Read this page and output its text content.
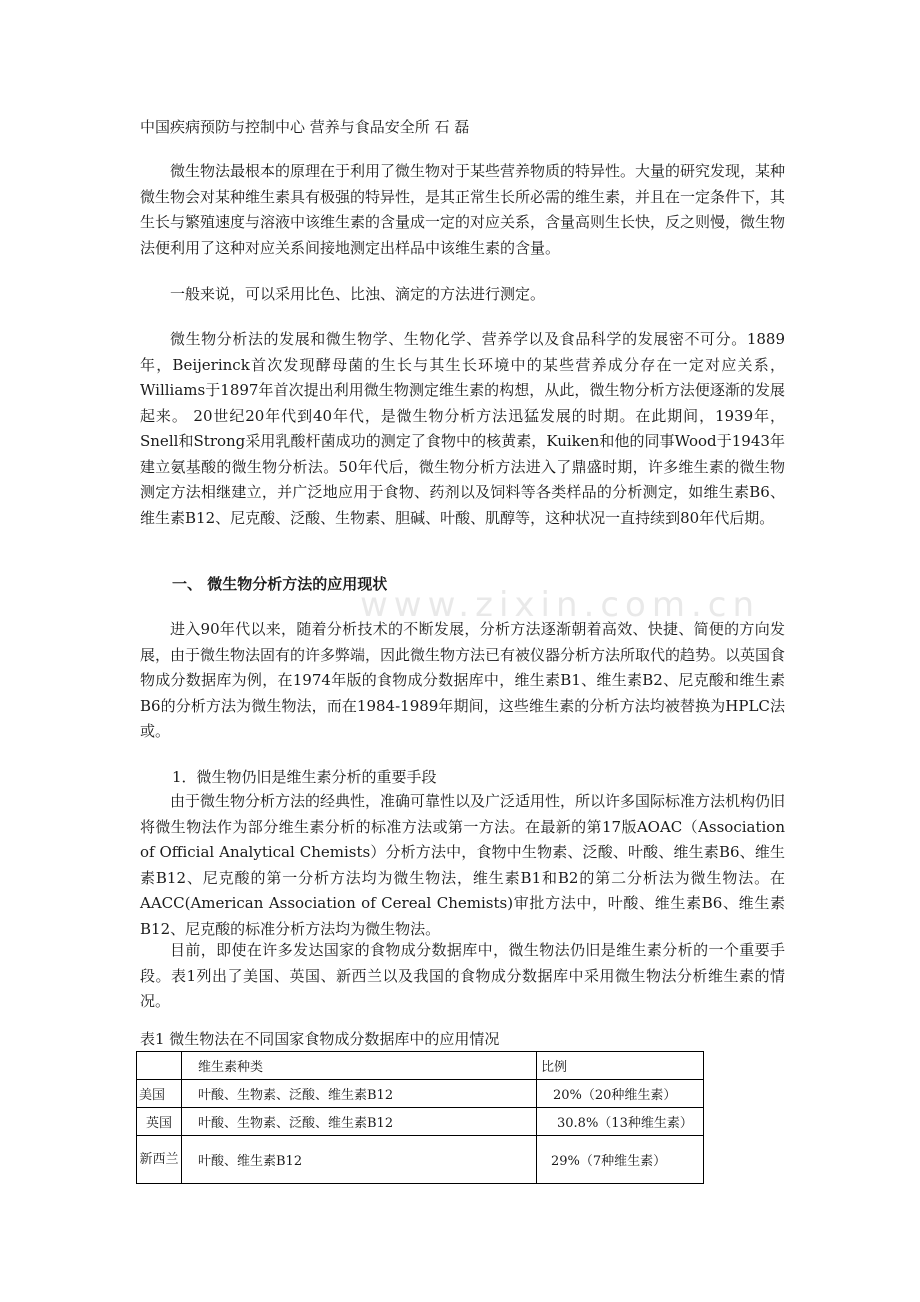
中国疾病预防与控制中心 营养与食品安全所 石 磊

微生物法最根本的原理在于利用了微生物对于某些营养物质的特异性。大量的研究发现，某种微生物会对某种维生素具有极强的特异性，是其正常生长所必需的维生素，并且在一定条件下，其生长与繁殖速度与溶液中该维生素的含量成一定的对应关系，含量高则生长快，反之则慢，微生物法便利用了这种对应关系间接地测定出样品中该维生素的含量。

一般来说，可以采用比色、比浊、滴定的方法进行测定。

微生物分析法的发展和微生物学、生物化学、营养学以及食品科学的发展密不可分。1889年，Beijerinck首次发现酵母菌的生长与其生长环境中的某些营养成分存在一定对应关系，Williams于1897年首次提出利用微生物测定维生素的构想，从此，微生物分析方法便逐渐的发展起来。 20世纪20年代到40年代，是微生物分析方法迅猛发展的时期。在此期间，1939年，Snell和Strong采用乳酸杆菌成功的测定了食物中的核黄素，Kuiken和他的同事Wood于1943年建立氨基酸的微生物分析法。50年代后，微生物分析方法进入了鼎盛时期，许多维生素的微生物测定方法相继建立，并广泛地应用于食物、药剂以及饲料等各类样品的分析测定，如维生素B6、维生素B12、尼克酸、泛酸、生物素、胆碱、叶酸、肌醇等，这种状况一直持续到80年代后期。

一、 微生物分析方法的应用现状
www.zixin.com.cn

进入90年代以来，随着分析技术的不断发展，分析方法逐渐朝着高效、快捷、简便的方向发展，由于微生物法固有的许多弊端，因此微生物方法已有被仪器分析方法所取代的趋势。以英国食物成分数据库为例，在1974年版的食物成分数据库中，维生素B1、维生素B2、尼克酸和维生素B6的分析方法为微生物法，而在1984-1989年期间，这些维生素的分析方法均被替换为HPLC法或。

1．微生物仍旧是维生素分析的重要手段

由于微生物分析方法的经典性，准确可靠性以及广泛适用性，所以许多国际标准方法机构仍旧将微生物法作为部分维生素分析的标准方法或第一方法。在最新的第17版AOAC（Association of Official Analytical Chemists）分析方法中，食物中生物素、泛酸、叶酸、维生素B6、维生素B12、尼克酸的第一分析方法均为微生物法，维生素B1和B2的第二分析法为微生物法。在AACC(American Association of Cereal Chemists)审批方法中，叶酸、维生素B6、维生素B12、尼克酸的标准分析方法均为微生物法。

目前，即使在许多发达国家的食物成分数据库中，微生物法仍旧是维生素分析的一个重要手段。表1列出了美国、英国、新西兰以及我国的食物成分数据库中采用微生物法分析维生素的情况。

表1 微生物法在不同国家食物成分数据库中的应用情况
	维生素种类	比例
美国	叶酸、生物素、泛酸、维生素B12	20%（20种维生素）
英国	叶酸、生物素、泛酸、维生素B12	30.8%（13种维生素）
新西兰	叶酸、维生素B12	29%（7种维生素）
